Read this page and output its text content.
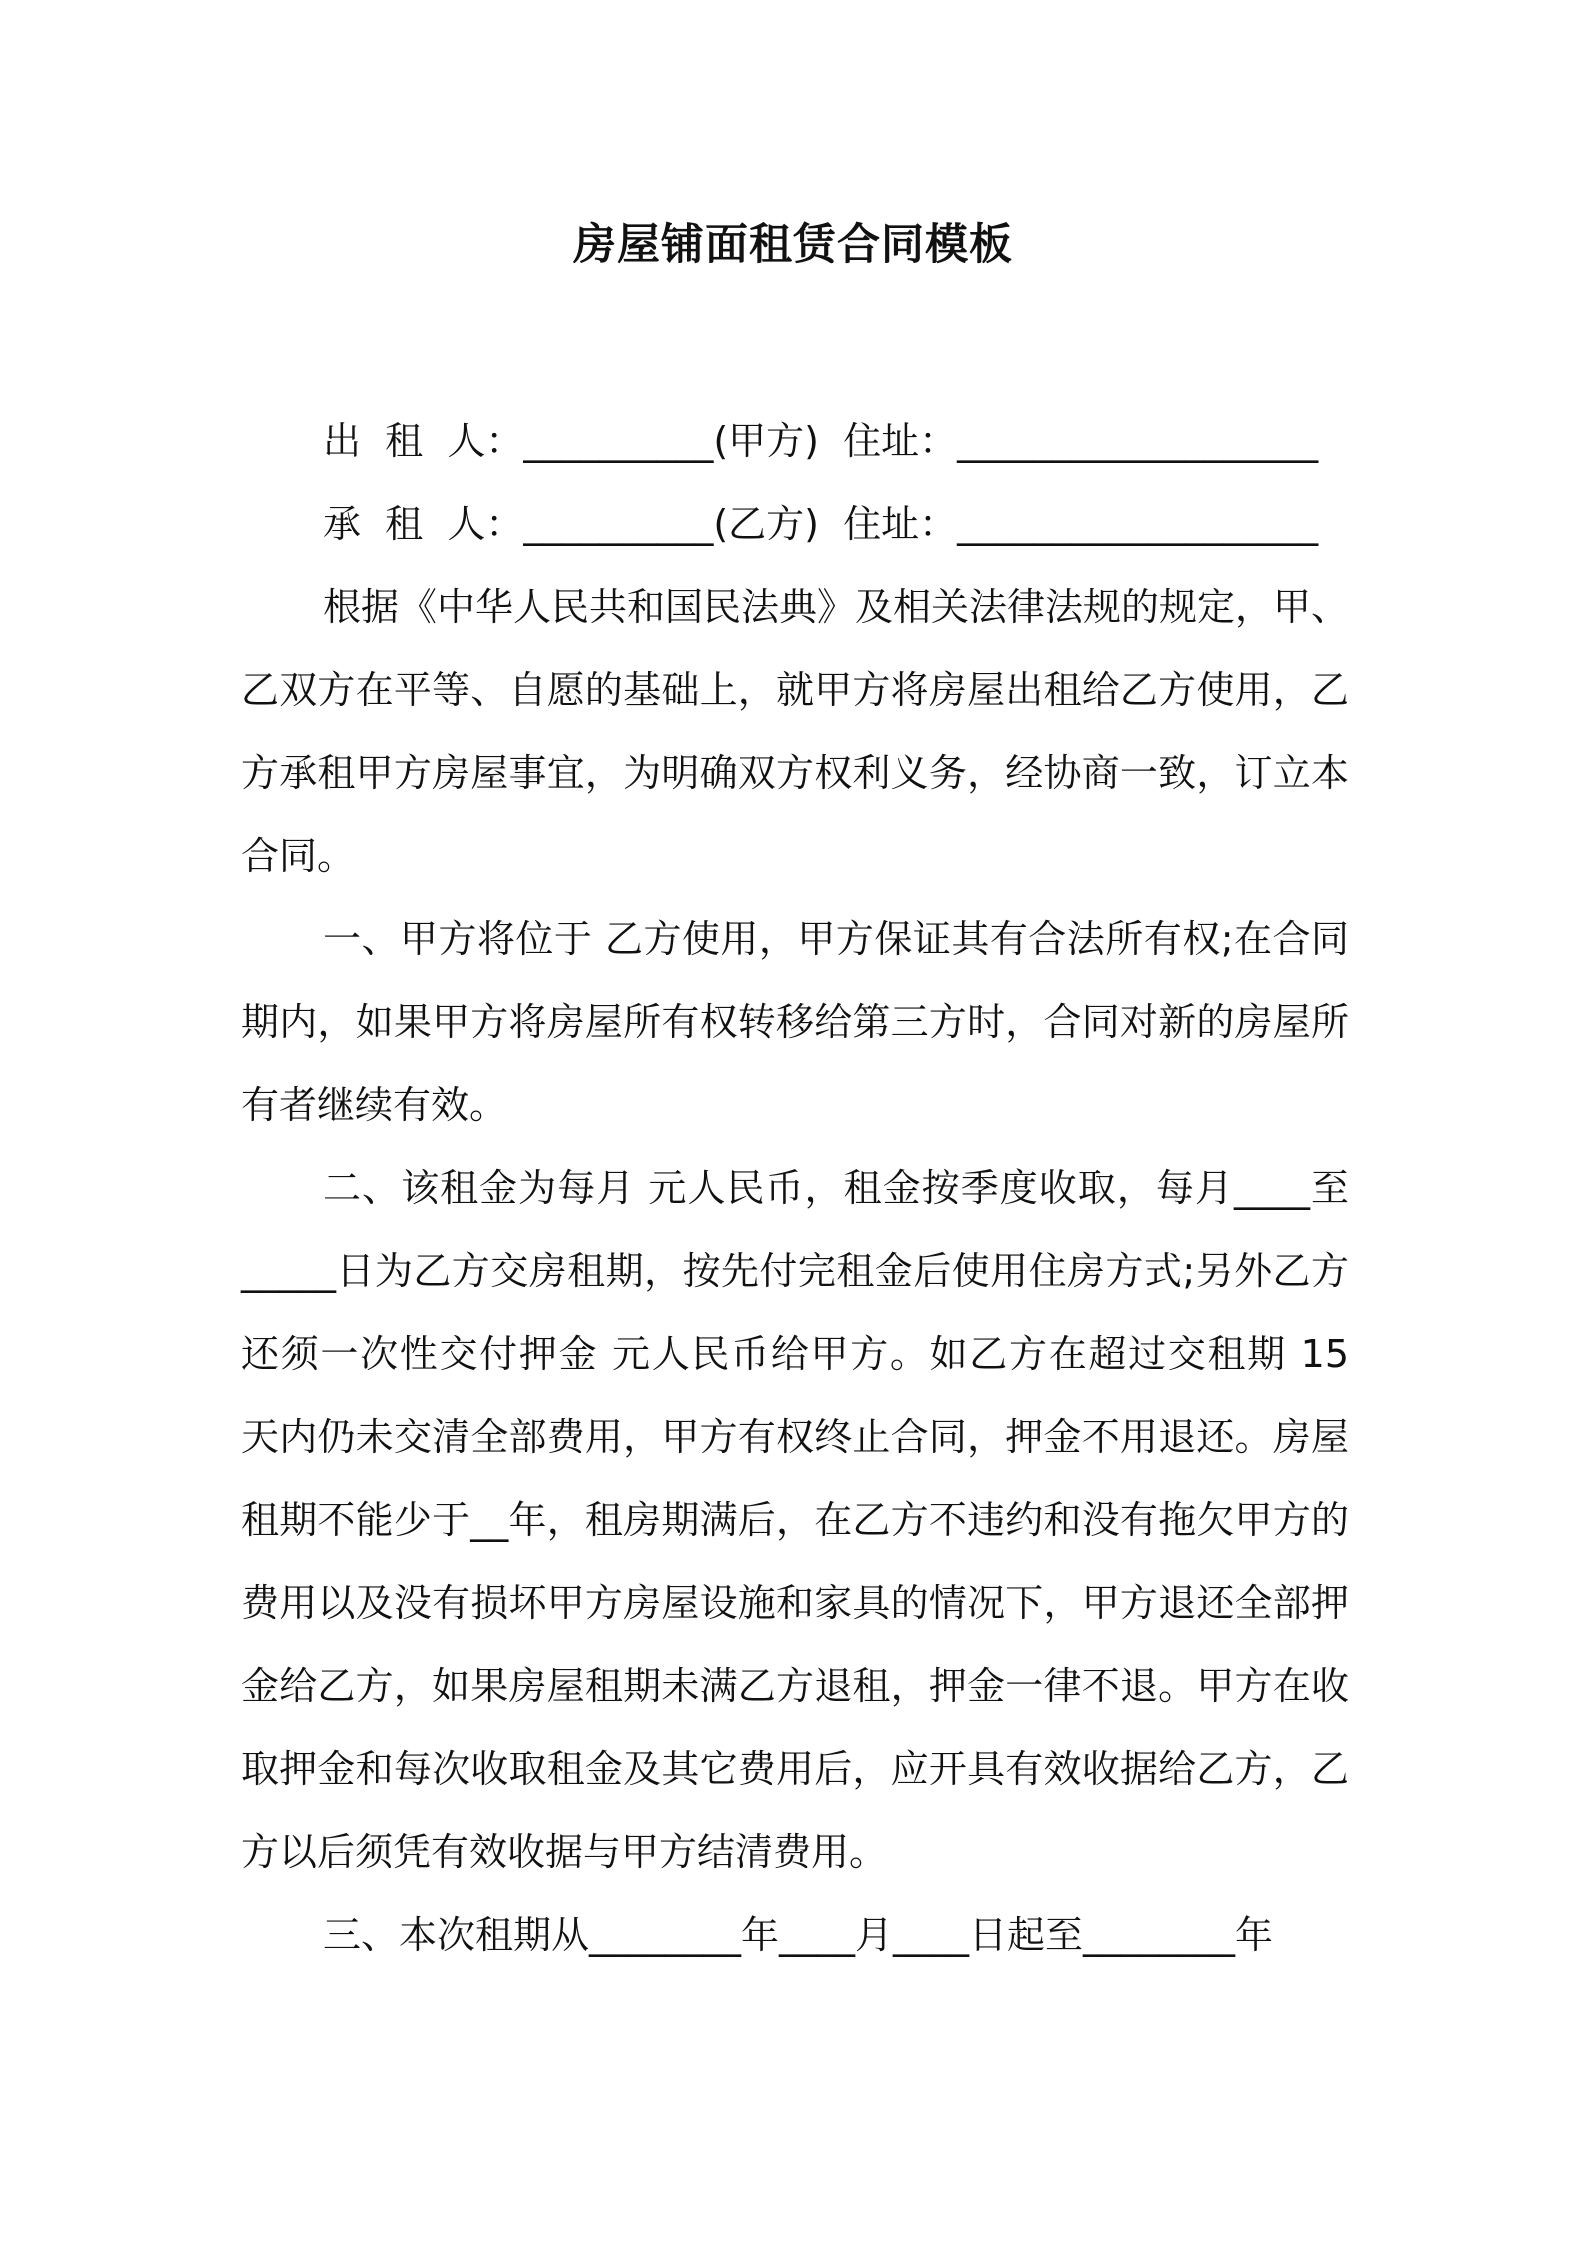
房屋铺面租赁合同模板

出  租  人：__________(甲方)  住址：___________________

承  租  人：__________(乙方)  住址：___________________

根据《中华人民共和国民法典》及相关法律法规的规定，甲、乙双方在平等、自愿的基础上，就甲方将房屋出租给乙方使用，乙方承租甲方房屋事宜，为明确双方权利义务，经协商一致，订立本合同。

一、甲方将位于 乙方使用，甲方保证其有合法所有权;在合同期内，如果甲方将房屋所有权转移给第三方时，合同对新的房屋所有者继续有效。

二、该租金为每月 元人民币，租金按季度收取，每月____至_____日为乙方交房租期，按先付完租金后使用住房方式;另外乙方还须一次性交付押金 元人民币给甲方。如乙方在超过交租期 15 天内仍未交清全部费用，甲方有权终止合同，押金不用退还。房屋租期不能少于__年，租房期满后，在乙方不违约和没有拖欠甲方的费用以及没有损坏甲方房屋设施和家具的情况下，甲方退还全部押金给乙方，如果房屋租期未满乙方退租，押金一律不退。甲方在收取押金和每次收取租金及其它费用后，应开具有效收据给乙方，乙方以后须凭有效收据与甲方结清费用。

三、本次租期从________年____月____日起至________年
